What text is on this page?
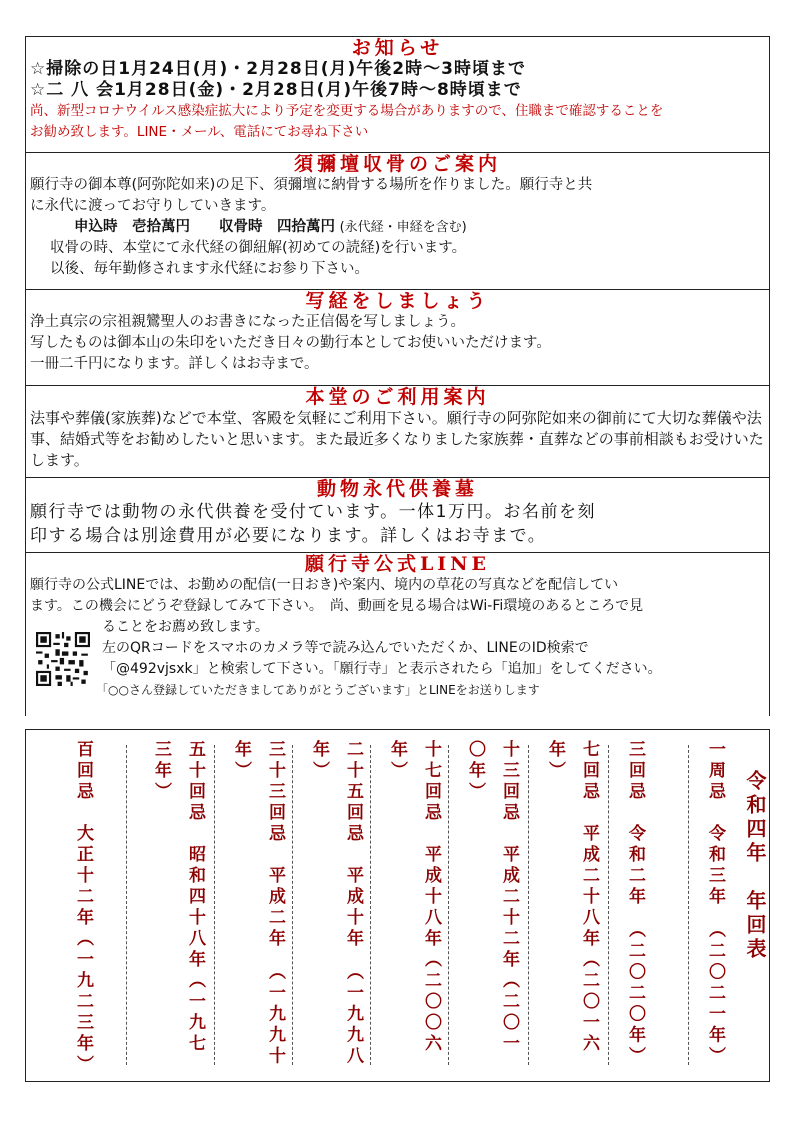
お知らせ
☆掃除の日1月24日(月)・2月28日(月)午後2時～3時頃まで
☆二 八 会1月28日(金)・2月28日(月)午後7時～8時頃まで
尚、新型コロナウイルス感染症拡大により予定を変更する場合がありますので、住職まで確認することを
お勧め致します。LINE・メール、電話にてお尋ね下さい
須彌壇収骨のご案内
願行寺の御本尊(阿弥陀如来)の足下、須彌壇に納骨する場所を作りました。願行寺と共
に永代に渡ってお守りしていきます。
申込時　壱拾萬円　　収骨時　四拾萬円 (永代経・申経を含む)
収骨の時、本堂にて永代経の御紐解(初めての読経)を行います。
以後、毎年勤修されます永代経にお参り下さい。
写経をしましょう
浄土真宗の宗祖親鸞聖人のお書きになった正信偈を写しましょう。
写したものは御本山の朱印をいただき日々の勤行本としてお使いいただけます。
一冊二千円になります。詳しくはお寺まで。
本堂のご利用案内
法事や葬儀(家族葬)などで本堂、客殿を気軽にご利用下さい。願行寺の阿弥陀如来の御前にて大切な葬儀や法事、結婚式等をお勧めしたいと思います。また最近多くなりました家族葬・直葬などの事前相談もお受けいたします。
動物永代供養墓
願行寺では動物の永代供養を受付ています。一体1万円。お名前を刻
印する場合は別途費用が必要になります。詳しくはお寺まで。
願行寺公式LINE
願行寺の公式LINEでは、お勤めの配信(一日おき)や案内、境内の草花の写真などを配信してい
ます。この機会にどうぞ登録してみて下さい。　尚、動画を見る場合はWi-Fi環境のあるところで見
ることをお薦め致します。
左のQRコードをスマホのカメラ等で読み込んでいただくか、LINEのID検索で
「@492vjsxk」と検索して下さい。「願行寺」と表示されたら「追加」をしてください。
「○○さん登録していただきましてありがとうございます」とLINEをお送りします
令和四年　年回表
一周忌　令和三年　（二〇二一年）
三回忌　令和二年　（二〇二〇年）
七回忌　平成二十八年（二〇一六年）
十三回忌　平成二十二年（二〇一〇年）
十七回忌　平成十八年（二〇〇六年）
二十五回忌　平成十年　（一九九八年）
三十三回忌　平成二年　（一九九十年）
五十回忌　昭和四十八年（一九七三年）
百回忌　大正十二年（一九二三年）
